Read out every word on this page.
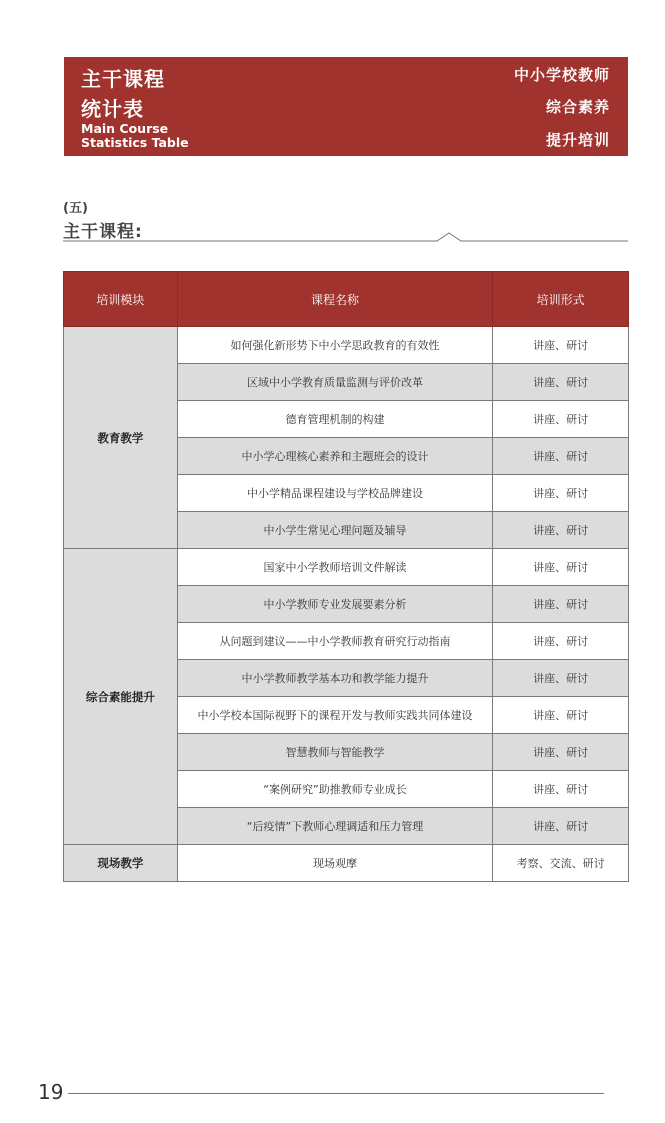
主干课程
统计表
Main Course
Statistics Table
中小学校教师
综合素养
提升培训
(五)
主干课程:
培训模块	课程名称	培训形式
教育教学	如何强化新形势下中小学思政教育的有效性	讲座、研讨
	区域中小学教育质量监测与评价改革	讲座、研讨
	德育管理机制的构建	讲座、研讨
	中小学心理核心素养和主题班会的设计	讲座、研讨
	中小学精品课程建设与学校品牌建设	讲座、研讨
	中小学生常见心理问题及辅导	讲座、研讨
综合素能提升	国家中小学教师培训文件解读	讲座、研讨
	中小学教师专业发展要素分析	讲座、研讨
	从问题到建议——中小学教师教育研究行动指南	讲座、研讨
	中小学教师教学基本功和教学能力提升	讲座、研讨
	中小学校本国际视野下的课程开发与教师实践共同体建设	讲座、研讨
	智慧教师与智能教学	讲座、研讨
	“案例研究”助推教师专业成长	讲座、研讨
	“后疫情”下教师心理调适和压力管理	讲座、研讨
现场教学	现场观摩	考察、交流、研讨
19
